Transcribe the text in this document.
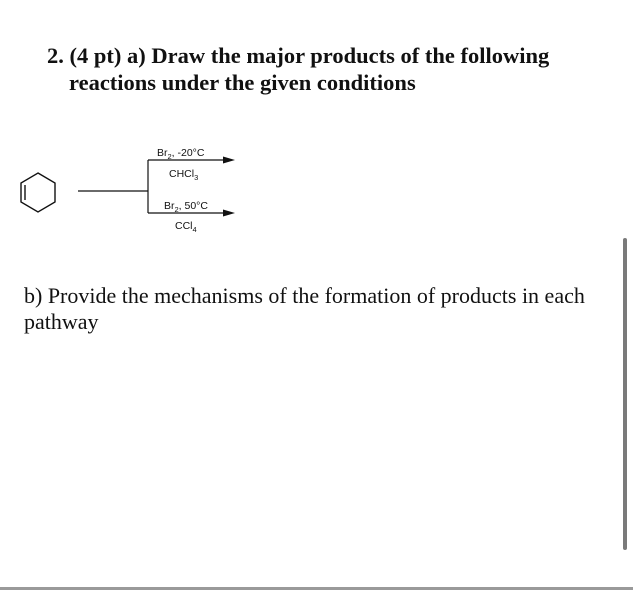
2. (4 pt) a) Draw the major products of the following
reactions under the given conditions
$Br_2$, -20°C
CHCl$_3$
$Br_2$, 50°C
CCl$_4$
b) Provide the mechanisms of the formation of products in each pathway
